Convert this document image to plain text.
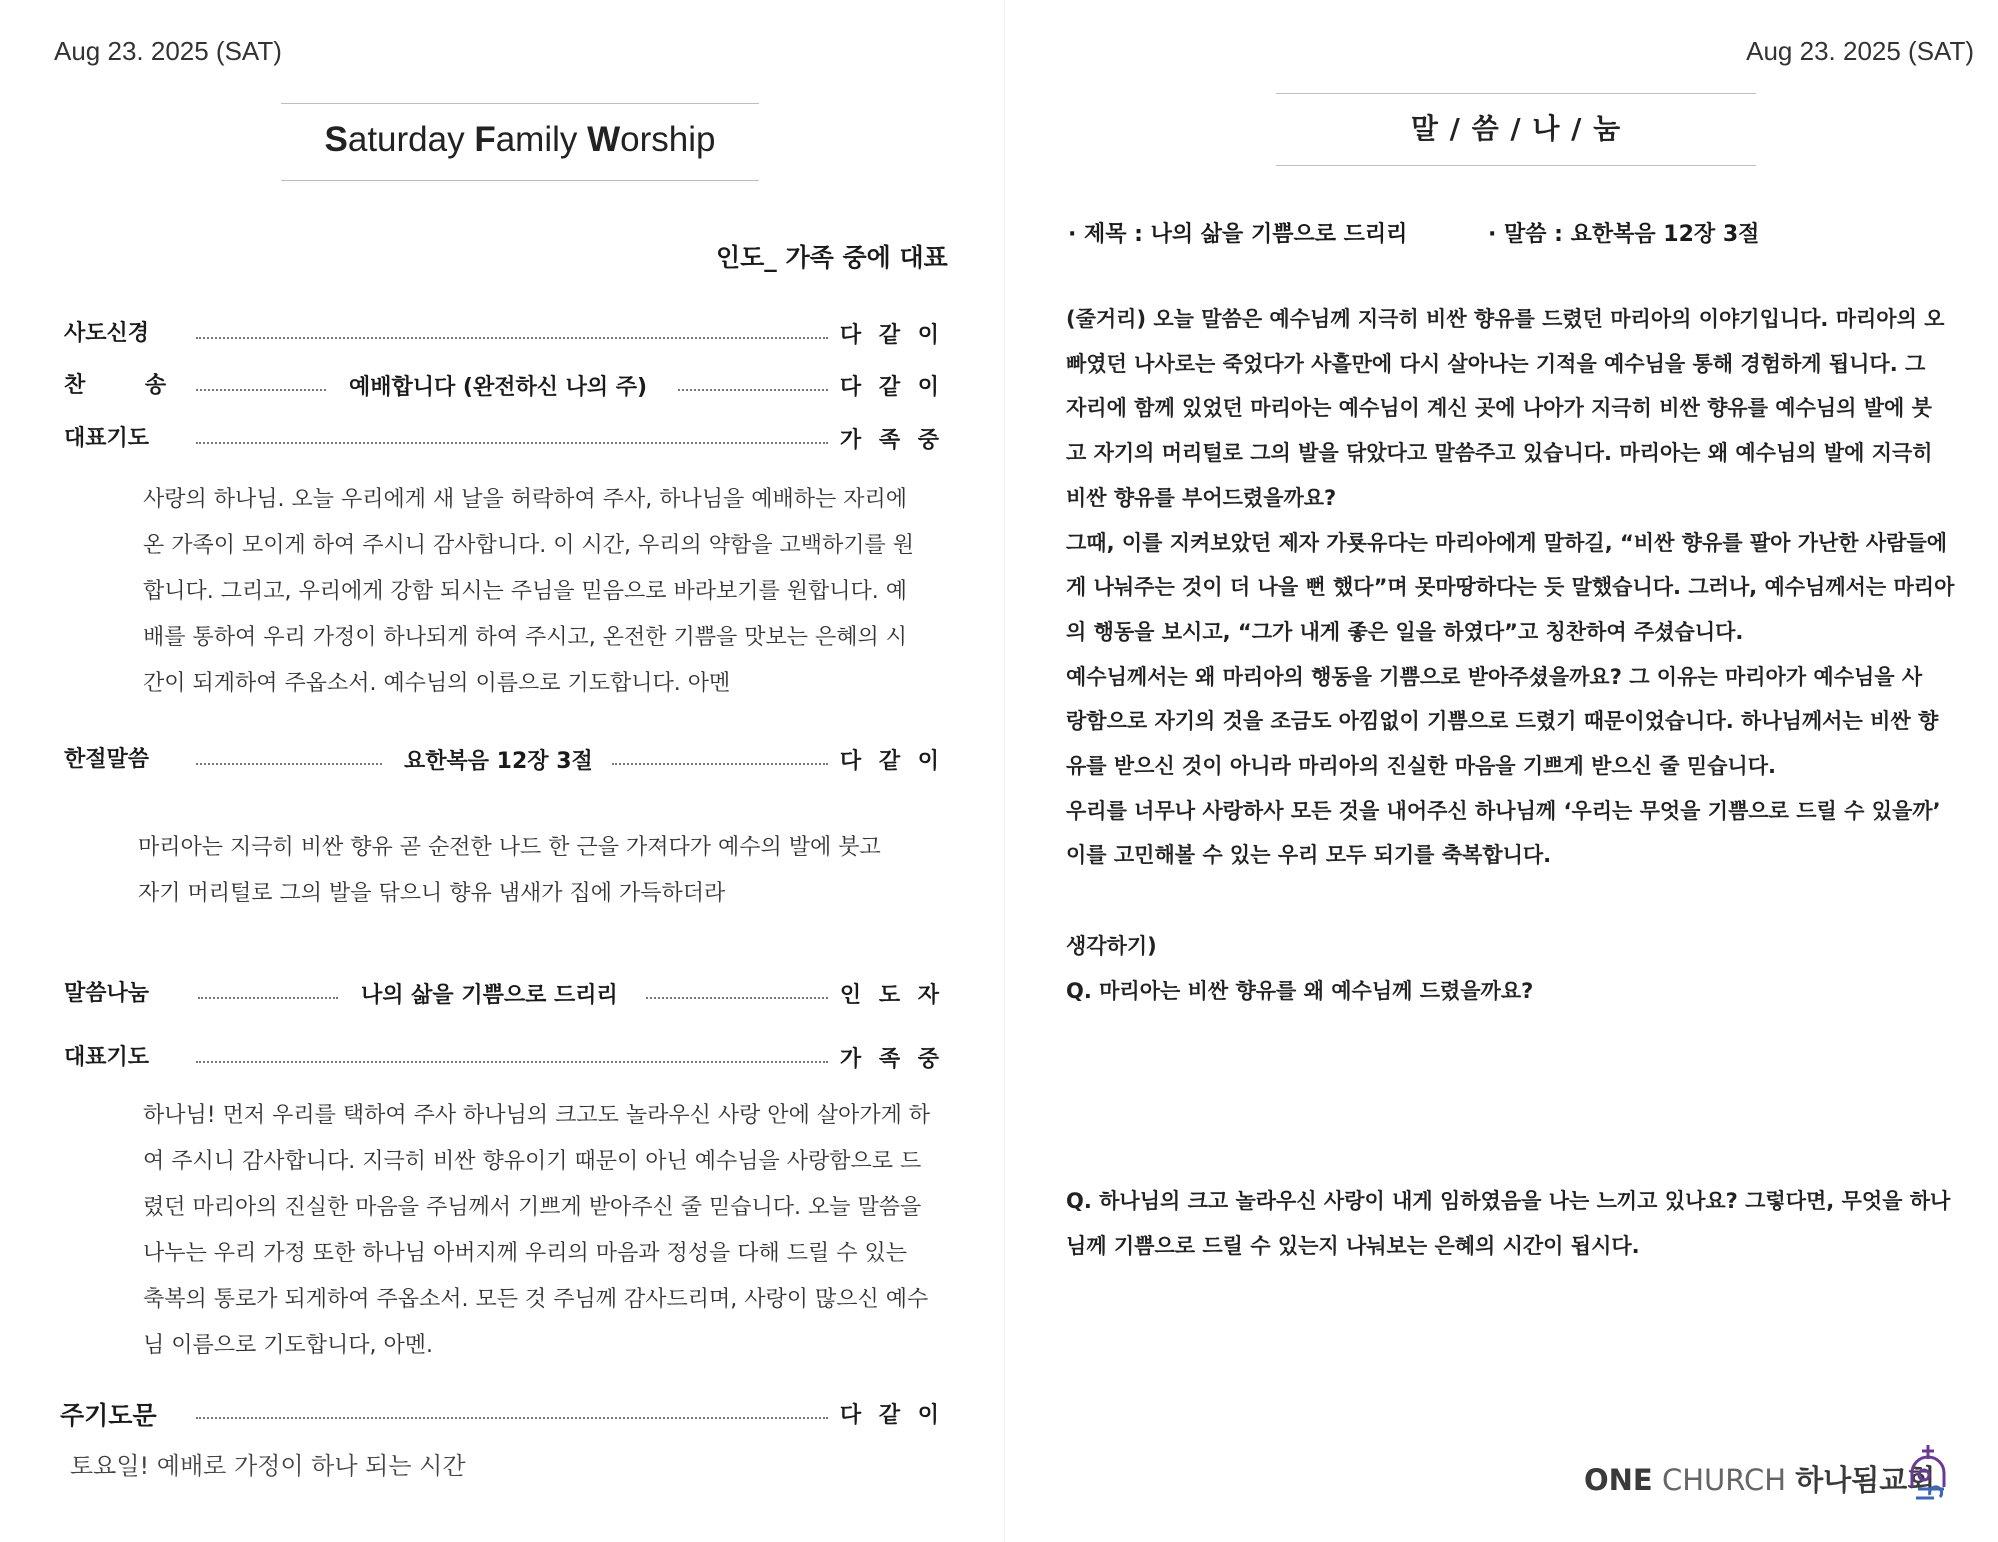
Aug 23. 2025 (SAT)
Saturday Family Worship
인도_ 가족 중에 대표
사도신경	다 같 이
찬 송	예배합니다 (완전하신 나의 주)	다 같 이
대표기도	가 족 중

사랑의 하나님. 오늘 우리에게 새 날을 허락하여 주사, 하나님을 예배하는 자리에

온 가족이 모이게 하여 주시니 감사합니다. 이 시간, 우리의 약함을 고백하기를 원

합니다. 그리고, 우리에게 강함 되시는 주님을 믿음으로 바라보기를 원합니다. 예

배를 통하여 우리 가정이 하나되게 하여 주시고, 온전한 기쁨을 맛보는 은혜의 시

간이 되게하여 주옵소서. 예수님의 이름으로 기도합니다. 아멘

한절말씀	요한복음 12장 3절	다 같 이

마리아는 지극히 비싼 향유 곧 순전한 나드 한 근을 가져다가 예수의 발에 붓고

자기 머리털로 그의 발을 닦으니 향유 냄새가 집에 가득하더라

말씀나눔	나의 삶을 기쁨으로 드리리	인 도 자
대표기도	가 족 중

하나님! 먼저 우리를 택하여 주사 하나님의 크고도 놀라우신 사랑 안에 살아가게 하

여 주시니 감사합니다. 지극히 비싼 향유이기 때문이 아닌 예수님을 사랑함으로 드

렸던 마리아의 진실한 마음을 주님께서 기쁘게 받아주신 줄 믿습니다. 오늘 말씀을

나누는 우리 가정 또한 하나님 아버지께 우리의 마음과 정성을 다해 드릴 수 있는

축복의 통로가 되게하여 주옵소서. 모든 것 주님께 감사드리며, 사랑이 많으신 예수

님 이름으로 기도합니다, 아멘.

주기도문	다 같 이
토요일! 예배로 가정이 하나 되는 시간
Aug 23. 2025 (SAT)
말 / 씀 / 나 / 눔
· 제목 : 나의 삶을 기쁨으로 드리리	· 말씀 : 요한복음 12장 3절

(줄거리) 오늘 말씀은 예수님께 지극히 비싼 향유를 드렸던 마리아의 이야기입니다. 마리아의 오

빠였던 나사로는 죽었다가 사흘만에 다시 살아나는 기적을 예수님을 통해 경험하게 됩니다. 그

자리에 함께 있었던 마리아는 예수님이 계신 곳에 나아가 지극히 비싼 향유를 예수님의 발에 붓

고 자기의 머리털로 그의 발을 닦았다고 말씀주고 있습니다. 마리아는 왜 예수님의 발에 지극히

비싼 향유를 부어드렸을까요?

그때, 이를 지켜보았던 제자 가룟유다는 마리아에게 말하길, “비싼 향유를 팔아 가난한 사람들에

게 나눠주는 것이 더 나을 뻔 했다”며 못마땅하다는 듯 말했습니다. 그러나, 예수님께서는 마리아

의 행동을 보시고, “그가 내게 좋은 일을 하였다”고 칭찬하여 주셨습니다.

예수님께서는 왜 마리아의 행동을 기쁨으로 받아주셨을까요? 그 이유는 마리아가 예수님을 사

랑함으로 자기의 것을 조금도 아낌없이 기쁨으로 드렸기 때문이었습니다. 하나님께서는 비싼 향

유를 받으신 것이 아니라 마리아의 진실한 마음을 기쁘게 받으신 줄 믿습니다.

우리를 너무나 사랑하사 모든 것을 내어주신 하나님께 ‘우리는 무엇을 기쁨으로 드릴 수 있을까’

이를 고민해볼 수 있는 우리 모두 되기를 축복합니다.

생각하기)
Q. 마리아는 비싼 향유를 왜 예수님께 드렸을까요?

Q. 하나님의 크고 놀라우신 사랑이 내게 임하였음을 나는 느끼고 있나요? 그렇다면, 무엇을 하나

님께 기쁨으로 드릴 수 있는지 나눠보는 은혜의 시간이 됩시다.

ONE CHURCH 하나됨교회
